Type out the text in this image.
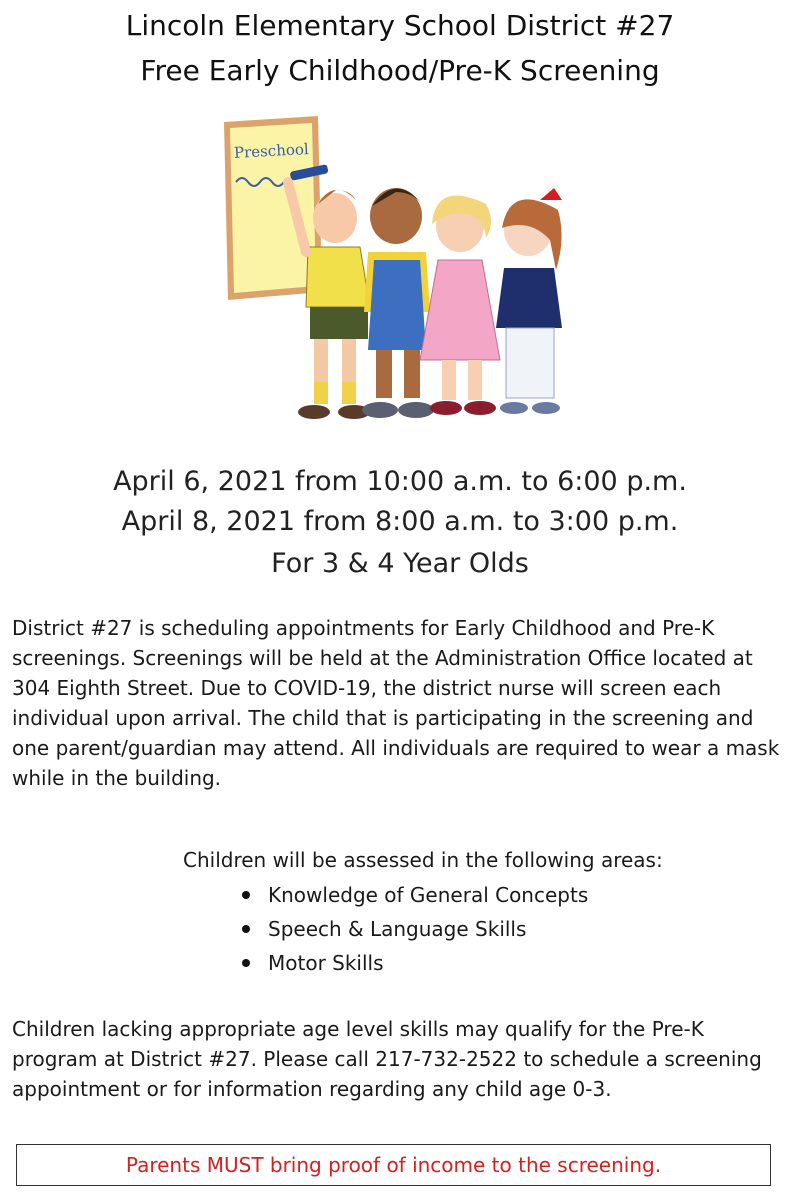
Lincoln Elementary School District #27
Free Early Childhood/Pre-K Screening
Preschool
April 6, 2021 from 10:00 a.m. to 6:00 p.m.
April 8, 2021 from 8:00 a.m. to 3:00 p.m.
For 3 & 4 Year Olds

District #27 is scheduling appointments for Early Childhood and Pre-K screenings. Screenings will be held at the Administration Office located at 304 Eighth Street. Due to COVID-19, the district nurse will screen each individual upon arrival. The child that is participating in the screening and one parent/guardian may attend. All individuals are required to wear a mask while in the building.

Children will be assessed in the following areas:
Knowledge of General Concepts
Speech & Language Skills
Motor Skills

Children lacking appropriate age level skills may qualify for the Pre-K program at District #27. Please call 217-732-2522 to schedule a screening appointment or for information regarding any child age 0-3.

Parents MUST bring proof of income to the screening.
